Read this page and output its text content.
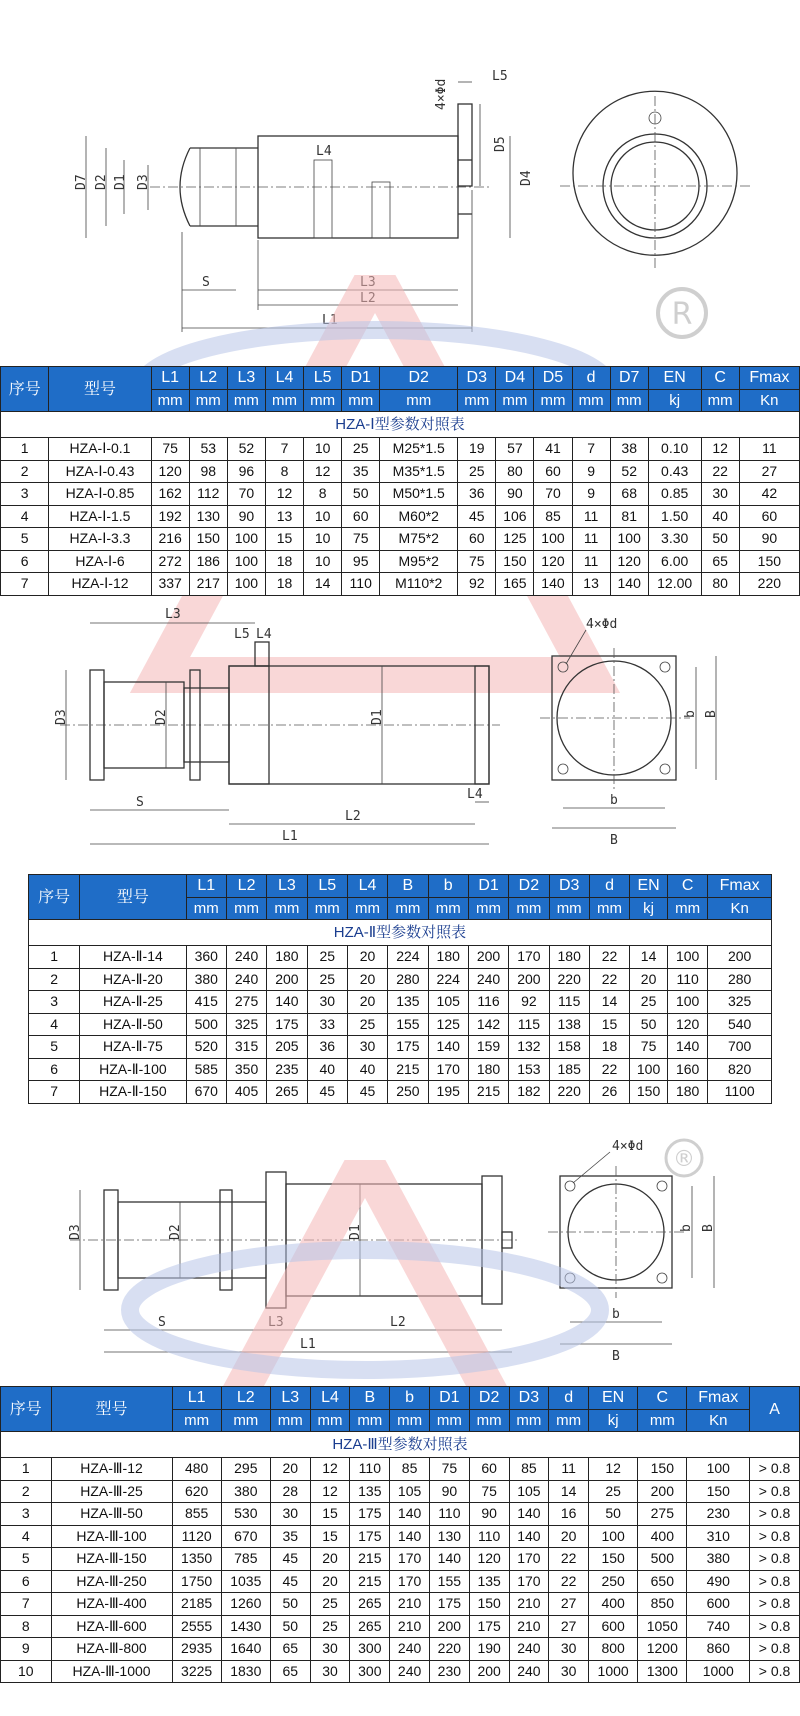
D7 D2 D1 D3
D5
D4
4×Φd
L5
L4
S	L3
L2
L1	R
HZA-Ⅰ型参数对照表																
序号	型号	L1	L2	L3	L4	L5	D1	D2	D3	D4	D5	d	D7	EN	C	Fmax
		mm	mm	mm	mm	mm	mm	mm	mm	mm	mm	mm	mm	kj	mm	Kn
1	HZA-Ⅰ-0.1	75	53	52	7	10	25	M25*1.5	19	57	41	7	38	0.10	12	11
2	HZA-Ⅰ-0.43	120	98	96	8	12	35	M35*1.5	25	80	60	9	52	0.43	22	27
3	HZA-Ⅰ-0.85	162	112	70	12	8	50	M50*1.5	36	90	70	9	68	0.85	30	42
4	HZA-Ⅰ-1.5	192	130	90	13	10	60	M60*2	45	106	85	11	81	1.50	40	60
5	HZA-Ⅰ-3.3	216	150	100	15	10	75	M75*2	60	125	100	11	100	3.30	50	90
6	HZA-Ⅰ-6	272	186	100	18	10	95	M95*2	75	150	120	11	120	6.00	65	150
7	HZA-Ⅰ-12	337	217	100	18	14	110	M110*2	92	165	140	13	140	12.00	80	220
D3	D2	D1
L3
L5 L4
S
L2
L1
L4
4×Φd
b B
b
B
HZA-Ⅱ型参数对照表															
序号	型号	L1	L2	L3	L5	L4	B	b	D1	D2	D3	d	EN	C	Fmax
		mm	mm	mm	mm	mm	mm	mm	mm	mm	mm	mm	kj	mm	Kn
1	HZA-Ⅱ-14	360	240	180	25	20	224	180	200	170	180	22	14	100	200
2	HZA-Ⅱ-20	380	240	200	25	20	280	224	240	200	220	22	20	110	280
3	HZA-Ⅱ-25	415	275	140	30	20	135	105	116	92	115	14	25	100	325
4	HZA-Ⅱ-50	500	325	175	33	25	155	125	142	115	138	15	50	120	540
5	HZA-Ⅱ-75	520	315	205	36	30	175	140	159	132	158	18	75	140	700
6	HZA-Ⅱ-100	585	350	235	40	40	215	170	180	153	185	22	100	160	820
7	HZA-Ⅱ-150	670	405	265	45	45	250	195	215	182	220	26	150	180	1100
D3	D2	D1
S	L3	L2
L1
4×Φd
b B
b
B
®
HZA-Ⅲ型参数对照表															
序号	型号	L1	L2	L3	L4	B	b	D1	D2	D3	d	EN	C	Fmax	A
		mm	mm	mm	mm	mm	mm	mm	mm	mm	mm	kj	mm	Kn	
1	HZA-Ⅲ-12	480	295	20	12	110	85	75	60	85	11	12	150	100	> 0.8
2	HZA-Ⅲ-25	620	380	28	12	135	105	90	75	105	14	25	200	150	> 0.8
3	HZA-Ⅲ-50	855	530	30	15	175	140	110	90	140	16	50	275	230	> 0.8
4	HZA-Ⅲ-100	1120	670	35	15	175	140	130	110	140	20	100	400	310	> 0.8
5	HZA-Ⅲ-150	1350	785	45	20	215	170	140	120	170	22	150	500	380	> 0.8
6	HZA-Ⅲ-250	1750	1035	45	20	215	170	155	135	170	22	250	650	490	> 0.8
7	HZA-Ⅲ-400	2185	1260	50	25	265	210	175	150	210	27	400	850	600	> 0.8
8	HZA-Ⅲ-600	2555	1430	50	25	265	210	200	175	210	27	600	1050	740	> 0.8
9	HZA-Ⅲ-800	2935	1640	65	30	300	240	220	190	240	30	800	1200	860	> 0.8
10	HZA-Ⅲ-1000	3225	1830	65	30	300	240	230	200	240	30	1000	1300	1000	> 0.8
